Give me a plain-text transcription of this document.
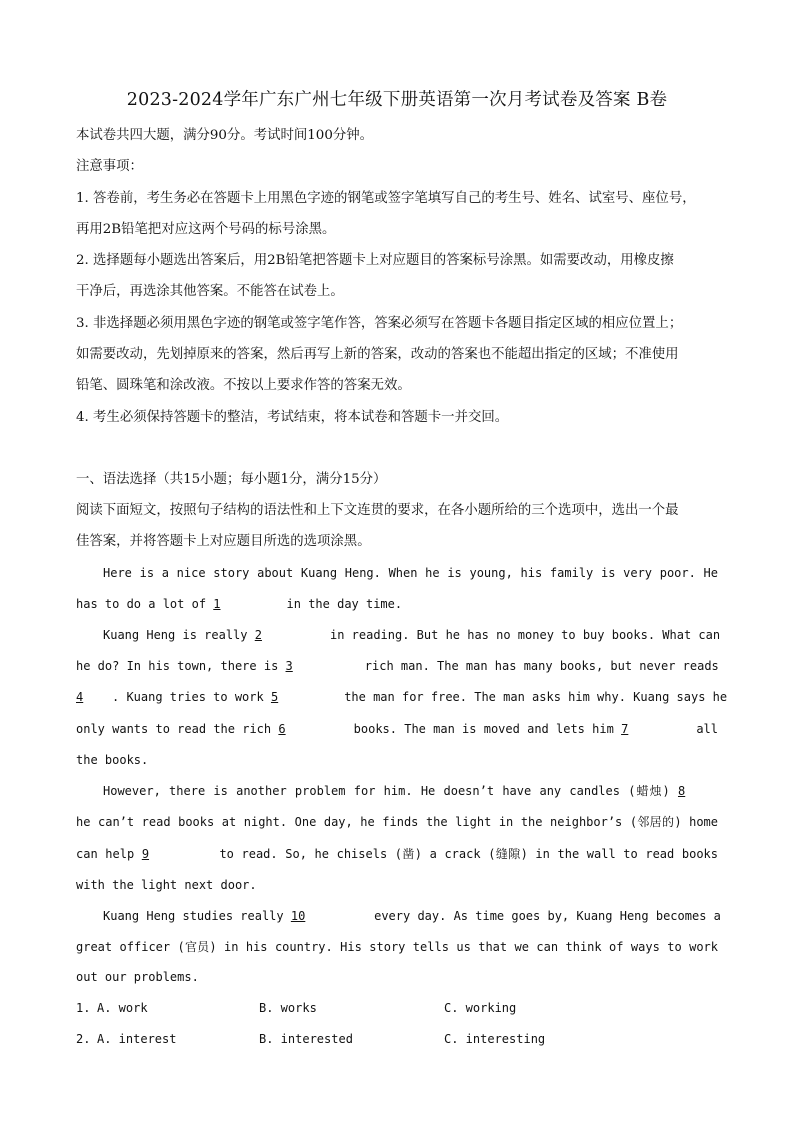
2023-2024学年广东广州七年级下册英语第一次月考试卷及答案 B卷
本试卷共四大题，满分90分。考试时间100分钟。
注意事项：
1. 答卷前，考生务必在答题卡上用黑色字迹的钢笔或签字笔填写自己的考生号、姓名、试室号、座位号，
再用2B铅笔把对应这两个号码的标号涂黑。
2. 选择题每小题选出答案后，用2B铅笔把答题卡上对应题目的答案标号涂黑。如需要改动，用橡皮擦
干净后，再选涂其他答案。不能答在试卷上。
3. 非选择题必须用黑色字迹的钢笔或签字笔作答，答案必须写在答题卡各题目指定区域的相应位置上；
如需要改动，先划掉原来的答案，然后再写上新的答案，改动的答案也不能超出指定的区域；不准使用
铅笔、圆珠笔和涂改液。不按以上要求作答的答案无效。
4. 考生必须保持答题卡的整洁，考试结束，将本试卷和答题卡一并交回。
一、语法选择（共15小题；每小题1分，满分15分）
阅读下面短文，按照句子结构的语法性和上下文连贯的要求，在各小题所给的三个选项中，选出一个最
佳答案，并将答题卡上对应题目所选的选项涂黑。
Here is a nice story about Kuang Heng. When he is young, his family is very poor. He
has to do a lot of 1	in the day time.
Kuang Heng is really 2	in reading. But he has no money to buy books. What can
he do? In his town, there is 3	rich man. The man has many books, but never reads
4 . Kuang tries to work 5	the man for free. The man asks him why. Kuang says he
only wants to read the rich 6	books. The man is moved and lets him 7	all
the books.
However, there is another problem for him. He doesn’t have any candles (蜡烛) 8
he can’t read books at night. One day, he finds the light in the neighbor’s (邻居的) home
can help 9	to read. So, he chisels (凿) a crack (缝隙) in the wall to read books
with the light next door.
Kuang Heng studies really 10	every day. As time goes by, Kuang Heng becomes a
great officer (官员) in his country. His story tells us that we can think of ways to work
out our problems.
1. A. work	B. works	C. working
2. A. interest	B. interested	C. interesting
